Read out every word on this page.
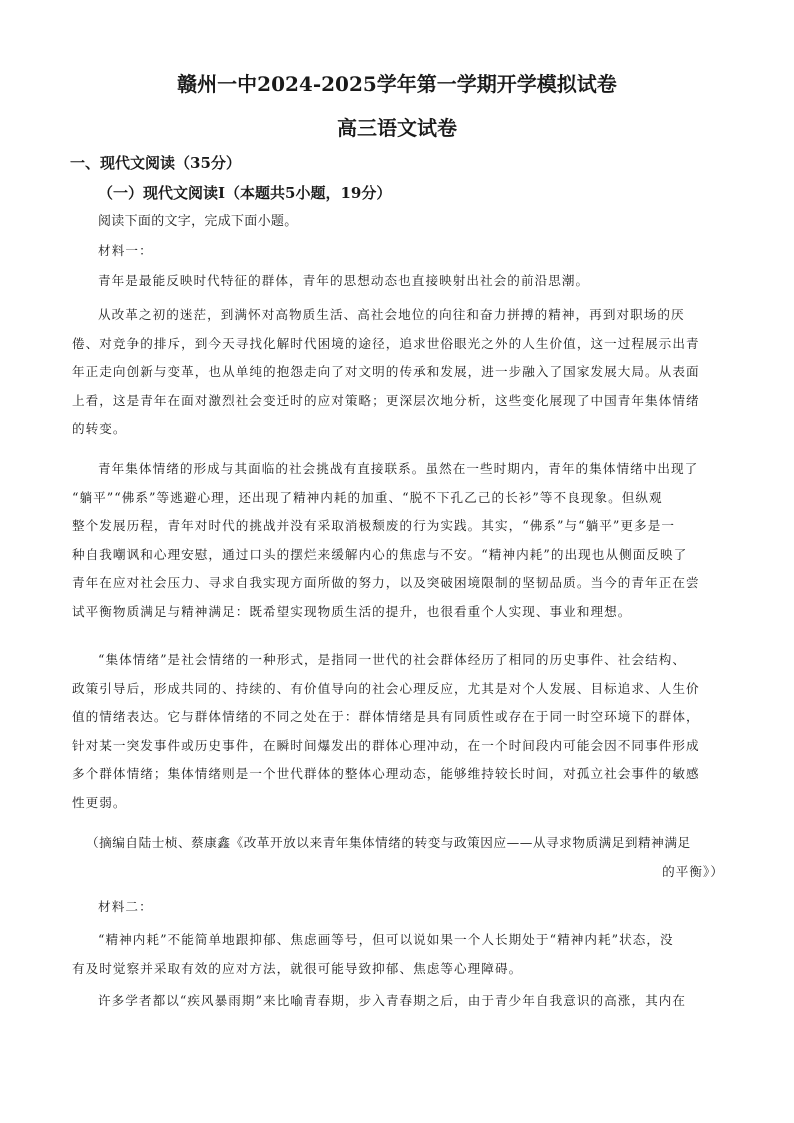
赣州一中2024-2025学年第一学期开学模拟试卷
高三语文试卷
一、现代文阅读（35分）
（一）现代文阅读Ⅰ（本题共5小题，19分）
阅读下面的文字，完成下面小题。
材料一：
青年是最能反映时代特征的群体，青年的思想动态也直接映射出社会的前沿思潮。
从改革之初的迷茫，到满怀对高物质生活、高社会地位的向往和奋力拼搏的精神，再到对职场的厌
倦、对竞争的排斥，到今天寻找化解时代困境的途径，追求世俗眼光之外的人生价值，这一过程展示出青
年正走向创新与变革，也从单纯的抱怨走向了对文明的传承和发展，进一步融入了国家发展大局。从表面
上看，这是青年在面对激烈社会变迁时的应对策略；更深层次地分析，这些变化展现了中国青年集体情绪
的转变。
青年集体情绪的形成与其面临的社会挑战有直接联系。虽然在一些时期内，青年的集体情绪中出现了
“躺平”“佛系”等逃避心理，还出现了精神内耗的加重、“脱不下孔乙己的长衫”等不良现象。但纵观
整个发展历程，青年对时代的挑战并没有采取消极颓废的行为实践。其实，“佛系”与“躺平”更多是一
种自我嘲讽和心理安慰，通过口头的摆烂来缓解内心的焦虑与不安。“精神内耗”的出现也从侧面反映了
青年在应对社会压力、寻求自我实现方面所做的努力，以及突破困境限制的坚韧品质。当今的青年正在尝
试平衡物质满足与精神满足：既希望实现物质生活的提升，也很看重个人实现、事业和理想。
“集体情绪”是社会情绪的一种形式，是指同一世代的社会群体经历了相同的历史事件、社会结构、
政策引导后，形成共同的、持续的、有价值导向的社会心理反应，尤其是对个人发展、目标追求、人生价
值的情绪表达。它与群体情绪的不同之处在于：群体情绪是具有同质性或存在于同一时空环境下的群体，
针对某一突发事件或历史事件，在瞬时间爆发出的群体心理冲动，在一个时间段内可能会因不同事件形成
多个群体情绪；集体情绪则是一个世代群体的整体心理动态，能够维持较长时间，对孤立社会事件的敏感
性更弱。
（摘编自陆士桢、蔡康鑫《改革开放以来青年集体情绪的转变与政策因应——从寻求物质满足到精神满足
的平衡》）
材料二：
“精神内耗”不能简单地跟抑郁、焦虑画等号，但可以说如果一个人长期处于“精神内耗”状态，没
有及时觉察并采取有效的应对方法，就很可能导致抑郁、焦虑等心理障碍。
许多学者都以“疾风暴雨期”来比喻青春期，步入青春期之后，由于青少年自我意识的高涨，其内在
